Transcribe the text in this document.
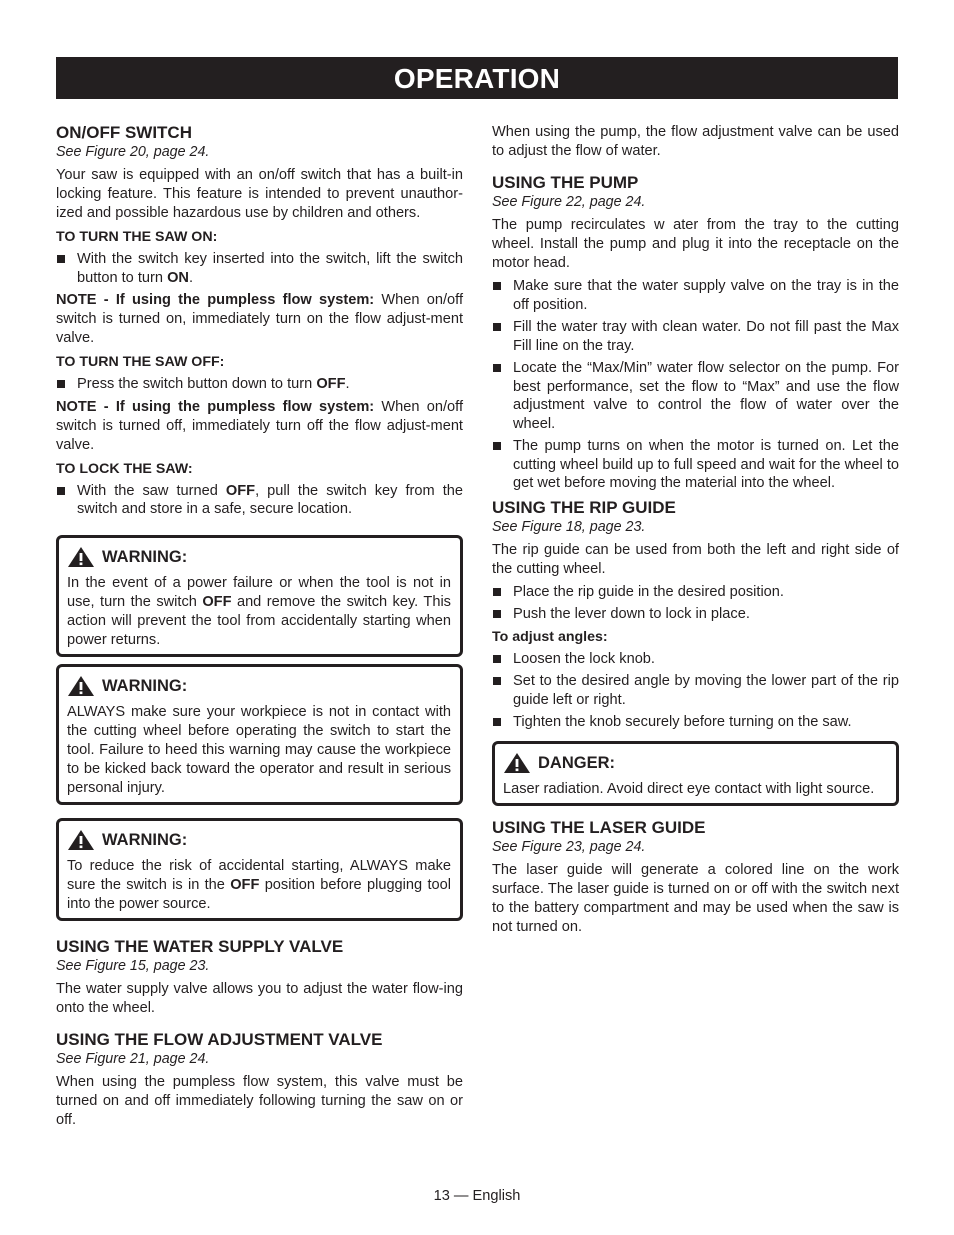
OPERATION
ON/OFF SWITCH
See Figure 20, page 24.

Your saw is equipped with an on/off switch that has a built-in locking feature. This feature is intended to prevent unauthor-ized and possible hazardous use by children and others.

TO TURN THE SAW ON:
With the switch key inserted into the switch, lift the switch button to turn ON.

NOTE - If using the pumpless flow system: When on/off switch is turned on, immediately turn on the flow adjust-ment valve.

TO TURN THE SAW OFF:
Press the switch button down to turn OFF.

NOTE - If using the pumpless flow system: When on/off switch is turned off, immediately turn off the flow adjust-ment valve.

TO LOCK THE SAW:
With the saw turned OFF, pull the switch key from the switch and store in a safe, secure location.
WARNING:

In the event of a power failure or when the tool is not in use, turn the switch OFF and remove the switch key. This action will prevent the tool from accidentally starting when power returns.

WARNING:

ALWAYS make sure your workpiece is not in contact with the cutting wheel before operating the switch to start the tool. Failure to heed this warning may cause the workpiece to be kicked back toward the operator and result in serious personal injury.

WARNING:

To reduce the risk of accidental starting, ALWAYS make sure the switch is in the OFF position before plugging tool into the power source.

USING THE WATER SUPPLY VALVE
See Figure 15, page 23.

The water supply valve allows you to adjust the water flow-ing onto the wheel.

USING THE FLOW ADJUSTMENT VALVE
See Figure 21, page 24.

When using the pumpless flow system, this valve must be turned on and off immediately following turning the saw on or off.

When using the pump, the flow adjustment valve can be used to adjust the flow of water.

USING THE PUMP
See Figure 22, page 24.

The pump recirculates w ater from the tray to the cutting wheel. Install the pump and plug it into the receptacle on the motor head.

Make sure that the water supply valve on the tray is in the off position.
Fill the water tray with clean water. Do not fill past the Max Fill line on the tray.
Locate the “Max/Min” water flow selector on the pump. For best performance, set the flow to “Max” and use the flow adjustment valve to control the flow of water over the wheel.
The pump turns on when the motor is turned on. Let the cutting wheel build up to full speed and wait for the wheel to get wet before moving the material into the wheel.
USING THE RIP GUIDE
See Figure 18, page 23.

The rip guide can be used from both the left and right side of the cutting wheel.

Place the rip guide in the desired position.
Push the lever down to lock in place.
To adjust angles:
Loosen the lock knob.
Set to the desired angle by moving the lower part of the rip guide left or right.
Tighten the knob securely before turning on the saw.
DANGER:

Laser radiation. Avoid direct eye contact with light source.

USING THE LASER GUIDE
See Figure 23, page 24.

The laser guide will generate a colored line on the work surface. The laser guide is turned on or off with the switch next to the battery compartment and may be used when the saw is not turned on.

13 — English
